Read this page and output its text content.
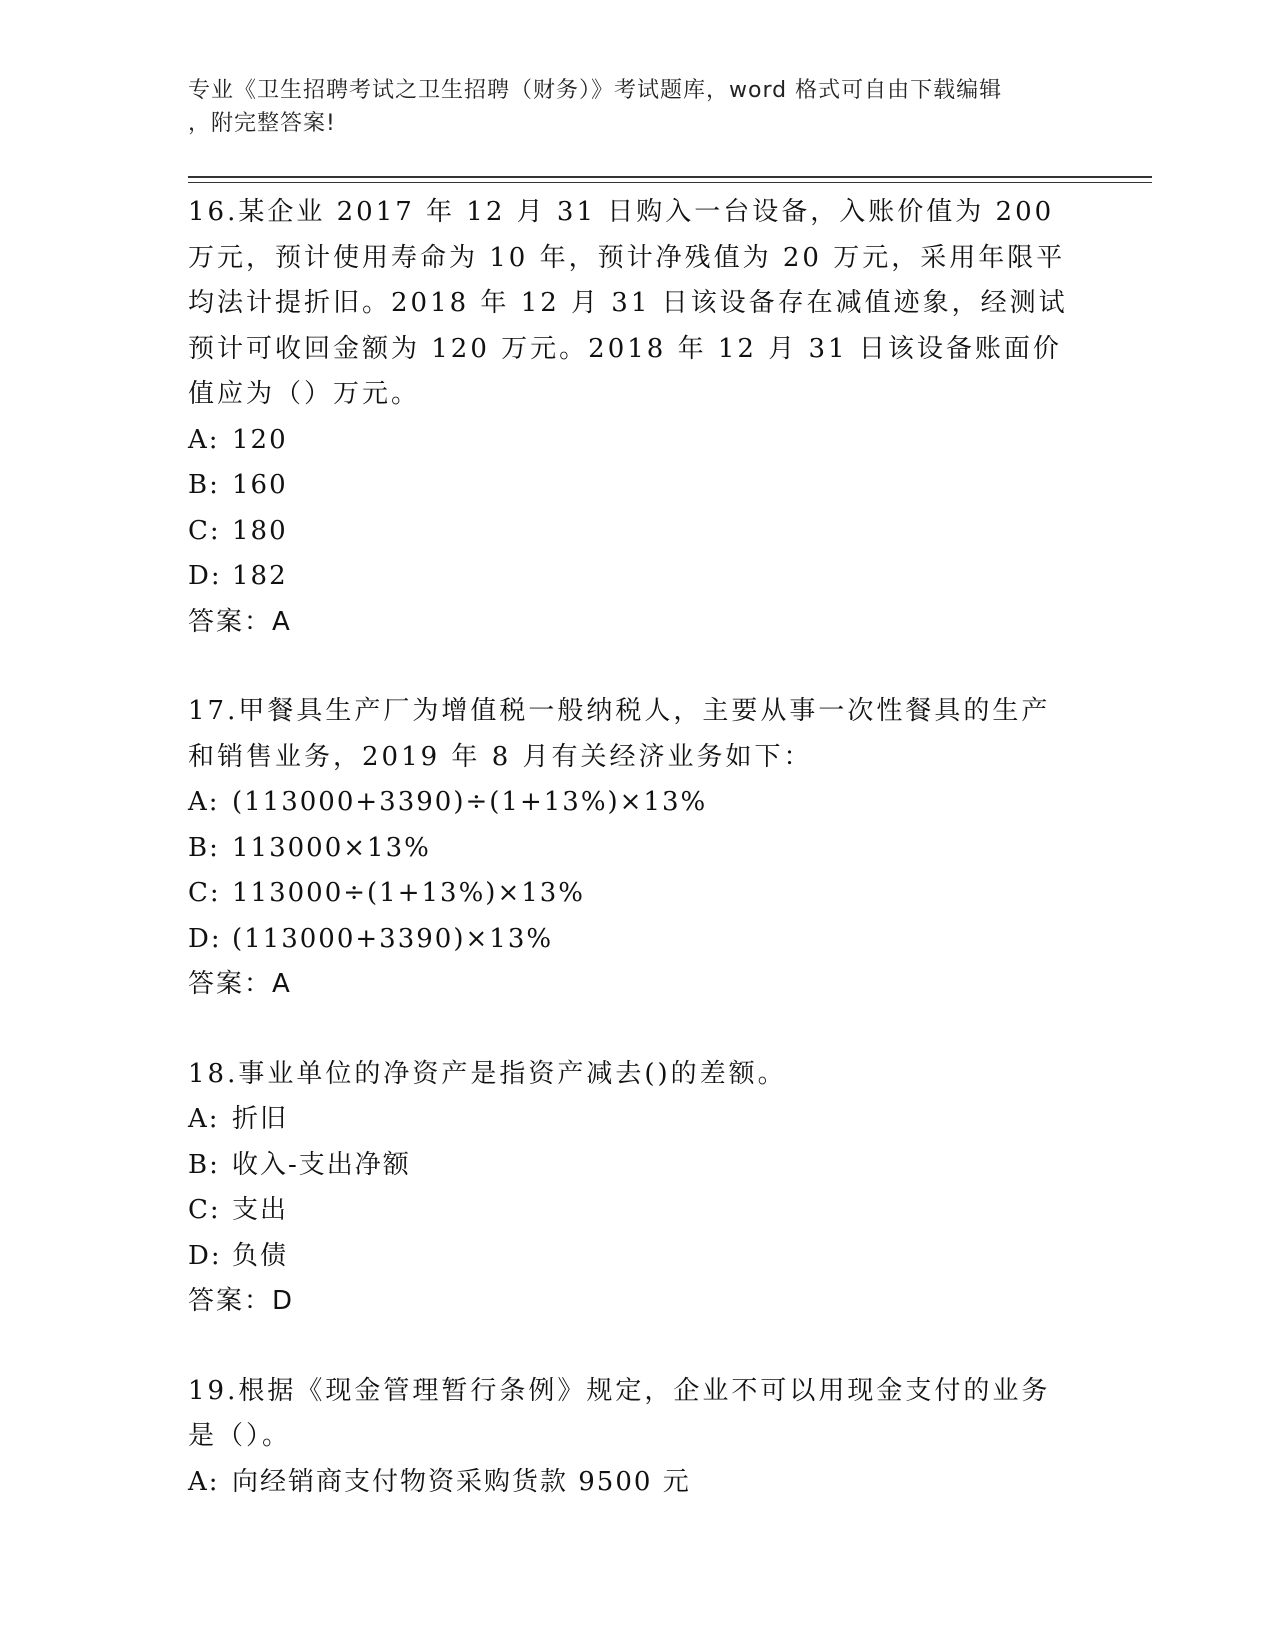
专业《卫生招聘考试之卫生招聘（财务）》考试题库，word 格式可自由下载编辑
，附完整答案!

16.某企业 2017 年 12 月 31 日购入一台设备，入账价值为 200 万元，预计使用寿命为 10 年，预计净残值为 20 万元，采用年限平均法计提折旧。2018 年 12 月 31 日该设备存在减值迹象，经测试预计可收回金额为 120 万元。2018 年 12 月 31 日该设备账面价值应为（）万元。

A: 120
B: 160
C: 180
D: 182

答案：A

17.甲餐具生产厂为增值税一般纳税人，主要从事一次性餐具的生产和销售业务，2019 年 8 月有关经济业务如下：

A: (113000+3390)÷(1+13%)×13%
B: 113000×13%
C: 113000÷(1+13%)×13%
D: (113000+3390)×13%

答案：A

18.事业单位的净资产是指资产减去()的差额。

A: 折旧
B: 收入-支出净额
C: 支出
D: 负债

答案：D

19.根据《现金管理暂行条例》规定，企业不可以用现金支付的业务是（）。

A: 向经销商支付物资采购货款 9500 元
